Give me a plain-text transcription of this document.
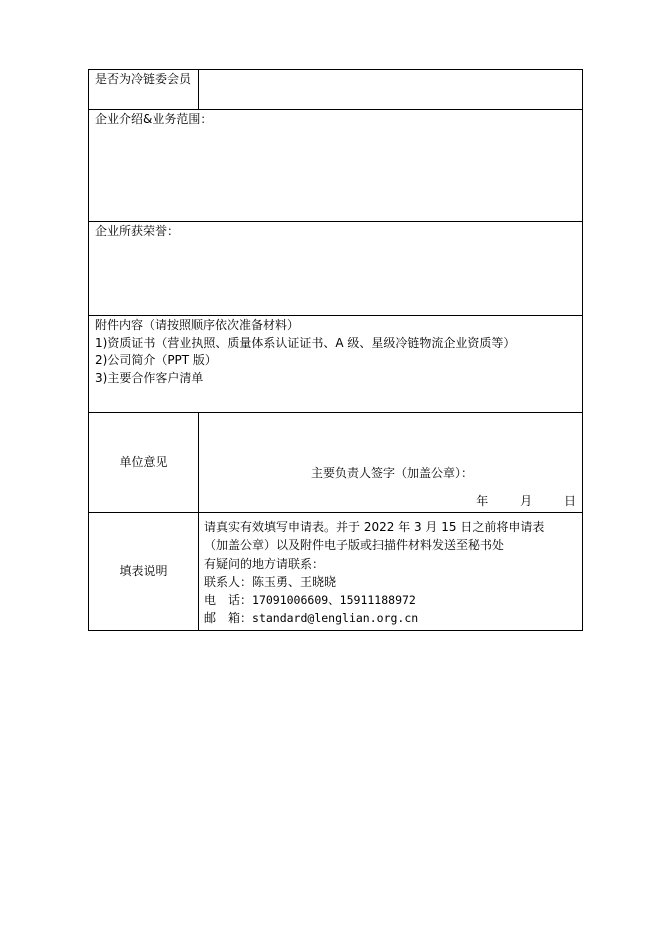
是否为冷链委会员
企业介绍&业务范围：
企业所获荣誉：
附件内容（请按照顺序依次准备材料）
1)资质证书（营业执照、质量体系认证证书、A 级、星级冷链物流企业资质等）
2)公司简介（PPT 版）
3)主要合作客户清单
单位意见
主要负责人签字（加盖公章）：
年	月	日
填表说明
请真实有效填写申请表。并于 2022 年 3 月 15 日之前将申请表
（加盖公章）以及附件电子版或扫描件材料发送至秘书处
有疑问的地方请联系：
联系人：陈玉勇、王晓晓
电　话：17091006609、15911188972
邮　箱：standard@lenglian.org.cn
